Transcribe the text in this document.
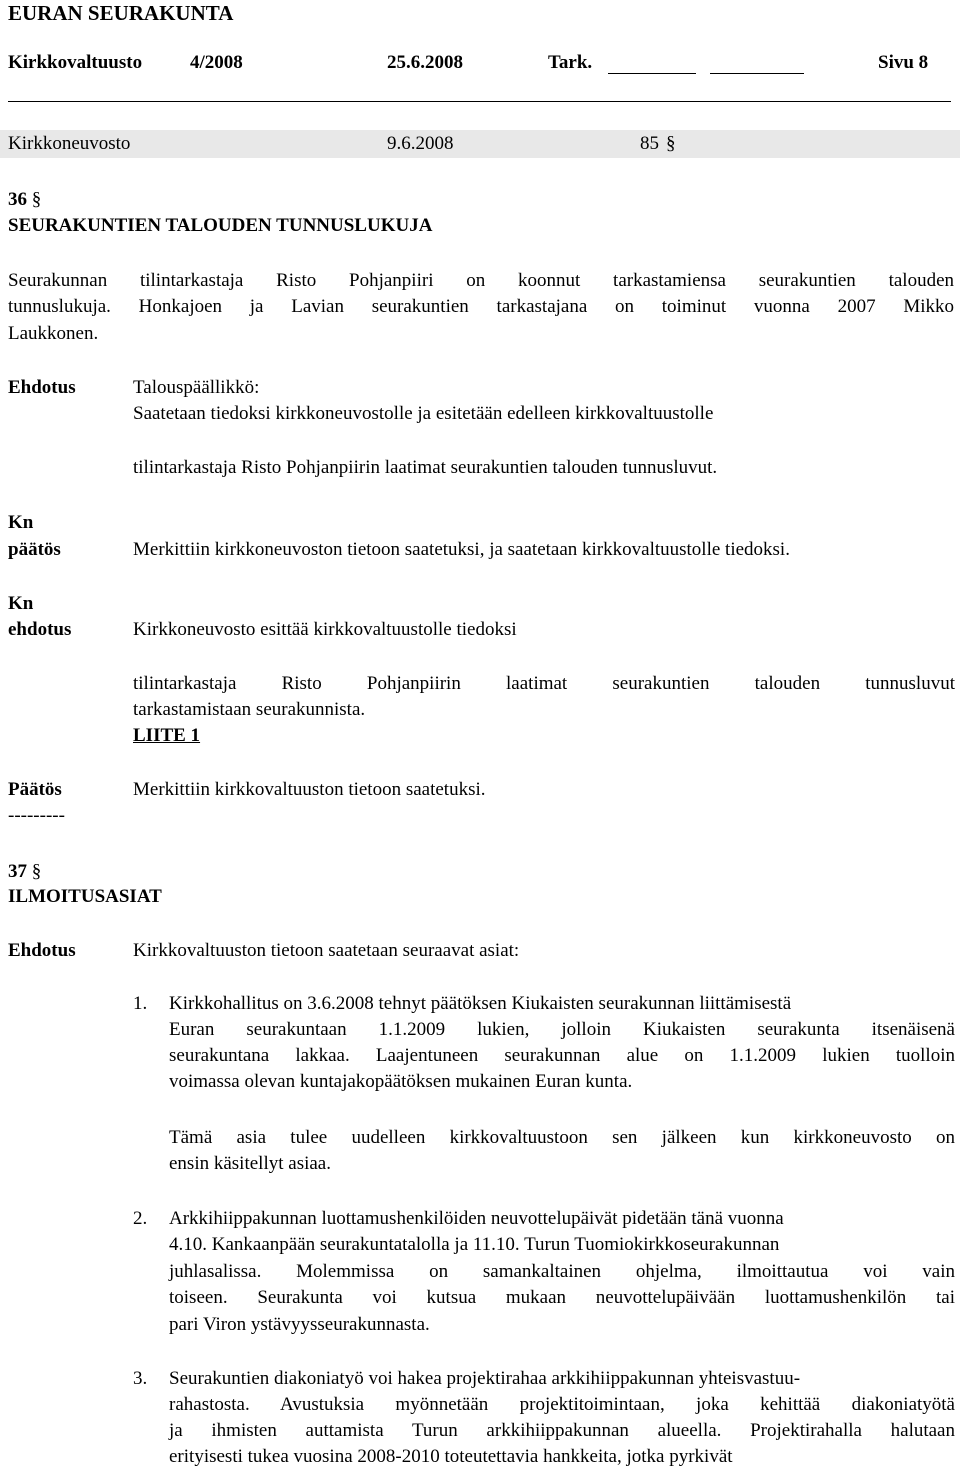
EURAN SEURAKUNTA
Kirkkovaltuusto	4/2008	25.6.2008	Tark.	Sivu 8
Kirkkoneuvosto	9.6.2008	85 §
36 §
SEURAKUNTIEN TALOUDEN TUNNUSLUKUJA
Seurakunnan tilintarkastaja Risto Pohjanpiiri on koonnut tarkastamiensa seurakuntien talouden
tunnuslukuja. Honkajoen ja Lavian seurakuntien tarkastajana on toiminut vuonna 2007 Mikko
Laukkonen.
Ehdotus	Talouspäällikkö:
Saatetaan tiedoksi kirkkoneuvostolle ja esitetään edelleen kirkkovaltuustolle
tilintarkastaja Risto Pohjanpiirin laatimat seurakuntien talouden tunnusluvut.
Kn
päätös	Merkittiin kirkkoneuvoston tietoon saatetuksi, ja saatetaan kirkkovaltuustolle tiedoksi.
Kn
ehdotus	Kirkkoneuvosto esittää kirkkovaltuustolle tiedoksi
tilintarkastaja Risto Pohjanpiirin laatimat seurakuntien talouden tunnusluvut
tarkastamistaan seurakunnista.
LIITE 1
Päätös	Merkittiin kirkkovaltuuston tietoon saatetuksi.
---------
37 §
ILMOITUSASIAT
Ehdotus	Kirkkovaltuuston tietoon saatetaan seuraavat asiat:
1. Kirkkohallitus on 3.6.2008 tehnyt päätöksen Kiukaisten seurakunnan liittämisestä
Euran seurakuntaan 1.1.2009 lukien, jolloin Kiukaisten seurakunta itsenäisenä
seurakuntana lakkaa. Laajentuneen seurakunnan alue on 1.1.2009 lukien tuolloin
voimassa olevan kuntajakopäätöksen mukainen Euran kunta.
Tämä asia tulee uudelleen kirkkovaltuustoon sen jälkeen kun kirkkoneuvosto on
ensin käsitellyt asiaa.
2. Arkkihiippakunnan luottamushenkilöiden neuvottelupäivät pidetään tänä vuonna
4.10. Kankaanpään seurakuntatalolla ja 11.10. Turun Tuomiokirkkoseurakunnan
juhlasalissa. Molemmissa on samankaltainen ohjelma, ilmoittautua voi vain
toiseen. Seurakunta voi kutsua mukaan neuvottelupäivään luottamushenkilön tai
pari Viron ystävyysseurakunnasta.
3. Seurakuntien diakoniatyö voi hakea projektirahaa arkkihiippakunnan yhteisvastuu-
rahastosta. Avustuksia myönnetään projektitoimintaan, joka kehittää diakoniatyötä
ja ihmisten auttamista Turun arkkihiippakunnan alueella. Projektirahalla halutaan
erityisesti tukea vuosina 2008-2010 toteutettavia hankkeita, jotka pyrkivät
